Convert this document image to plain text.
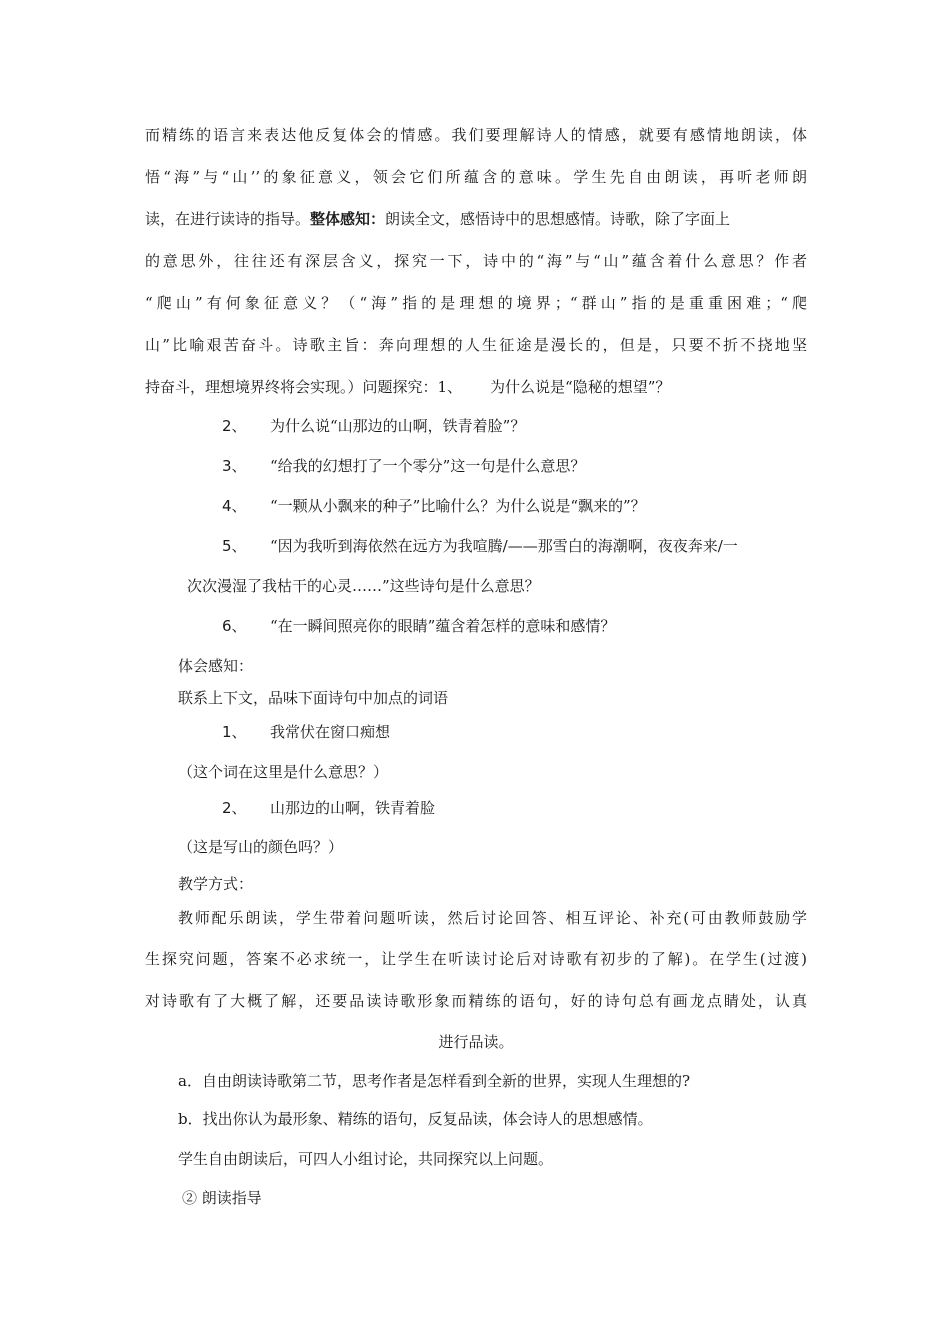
而精练的语言来表达他反复体会的情感。我们要理解诗人的情感，就要有感情地朗读，体
悟“海”与“山’’的象征意义，领会它们所蕴含的意味。学生先自由朗读，再听老师朗
读，在进行读诗的指导。整体感知：朗读全文，感悟诗中的思想感情。诗歌，除了字面上
的意思外，往往还有深层含义，探究一下，诗中的“海”与“山”蕴含着什么意思？作者
“爬山”有何象征意义？（“海”指的是理想的境界；“群山”指的是重重困难；“爬
山”比喻艰苦奋斗。诗歌主旨：奔向理想的人生征途是漫长的，但是，只要不折不挠地坚
持奋斗，理想境界终将会实现。）问题探究：1、 为什么说是“隐秘的想望”？
2、 为什么说“山那边的山啊，铁青着脸”？
3、 “给我的幻想打了一个零分”这一句是什么意思？
4、 “一颗从小飘来的种子”比喻什么？为什么说是“飘来的”？
5、 “因为我听到海依然在远方为我喧腾/——那雪白的海潮啊，夜夜奔来/一
次次漫湿了我枯干的心灵……”这些诗句是什么意思？
6、 “在一瞬间照亮你的眼睛”蕴含着怎样的意味和感情？
体会感知：
联系上下文，品味下面诗句中加点的词语
1、 我常伏在窗口痴想
（这个词在这里是什么意思？）
2、 山那边的山啊，铁青着脸
（这是写山的颜色吗？）
教学方式：
教师配乐朗读，学生带着问题听读，然后讨论回答、相互评论、补充(可由教师鼓励学
生探究问题，答案不必求统一，让学生在听读讨论后对诗歌有初步的了解)。在学生(过渡)
对诗歌有了大概了解，还要品读诗歌形象而精练的语句，好的诗句总有画龙点睛处，认真
进行品读。
a．自由朗读诗歌第二节，思考作者是怎样看到全新的世界，实现人生理想的?
b．找出你认为最形象、精练的语句，反复品读，体会诗人的思想感情。
学生自由朗读后，可四人小组讨论，共同探究以上问题。
② 朗读指导
